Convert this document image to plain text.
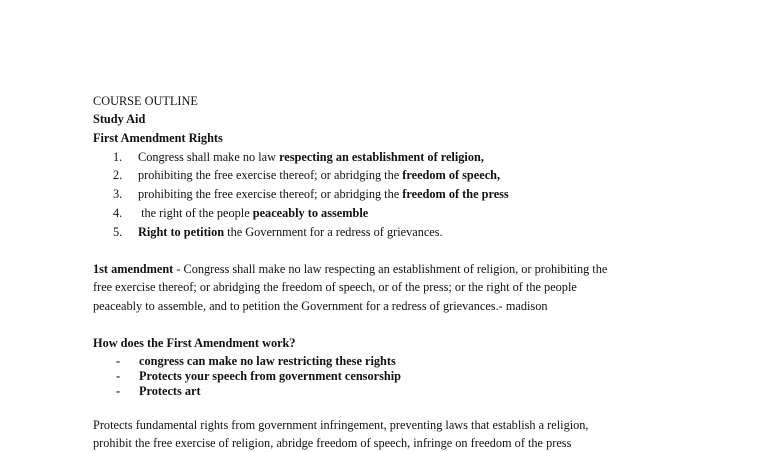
COURSE OUTLINE
Study Aid
First Amendment Rights
1. Congress shall make no law respecting an establishment of religion,
2. prohibiting the free exercise thereof; or abridging the freedom of speech,
3. prohibiting the free exercise thereof; or abridging the freedom of the press
4. the right of the people peaceably to assemble
5. Right to petition the Government for a redress of grievances.
1st amendment - Congress shall make no law respecting an establishment of religion, or prohibiting the
free exercise thereof; or abridging the freedom of speech, or of the press; or the right of the people
peaceably to assemble, and to petition the Government for a redress of grievances.- madison
How does the First Amendment work?
- congress can make no law restricting these rights
- Protects your speech from government censorship
- Protects art
Protects fundamental rights from government infringement, preventing laws that establish a religion,
prohibit the free exercise of religion, abridge freedom of speech, infringe on freedom of the press
